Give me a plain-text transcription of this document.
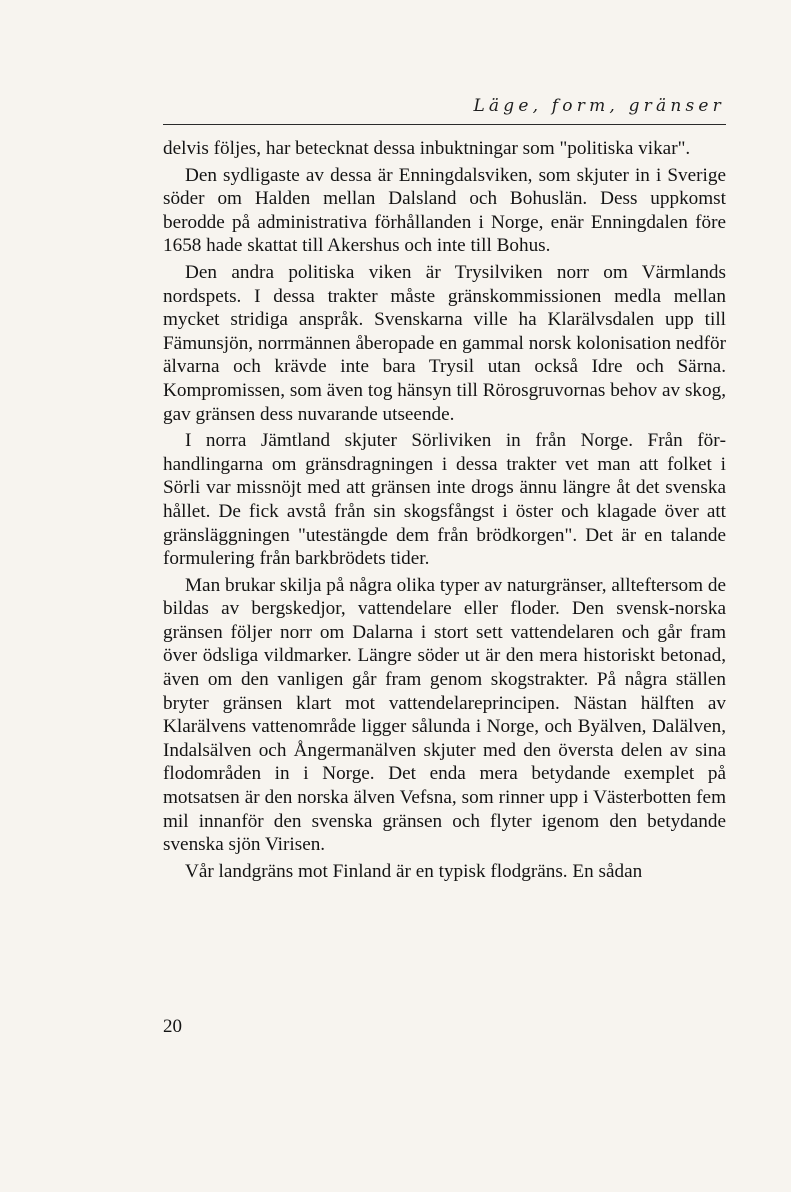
Läge, form, gränser

delvis följes, har betecknat dessa inbuktningar som "politiska vikar".

Den sydligaste av dessa är Enningdalsviken, som skjuter in i Sverige söder om Halden mellan Dalsland och Bohuslän. Dess uppkomst berodde på administrativa förhållanden i Norge, enär Enningdalen före 1658 hade skattat till Akershus och inte till Bohus.

Den andra politiska viken är Trysilviken norr om Värmlands nordspets. I dessa trakter måste gränskommissionen medla mellan mycket stridiga anspråk. Svenskarna ville ha Klarälvsdalen upp till Fämunsjön, norrmännen åberopade en gammal norsk kolonisation nedför älvarna och krävde inte bara Trysil utan också Idre och Särna. Kompromissen, som även tog hänsyn till Rörosgruvornas behov av skog, gav gränsen dess nuvarande utseende.

I norra Jämtland skjuter Sörliviken in från Norge. Från förhandlingarna om gränsdragningen i dessa trakter vet man att folket i Sörli var missnöjt med att gränsen inte drogs ännu längre åt det svenska hållet. De fick avstå från sin skogsfångst i öster och klagade över att gränsläggningen "utestängde dem från brödkorgen". Det är en talande formulering från barkbrödets tider.

Man brukar skilja på några olika typer av naturgränser, allteftersom de bildas av bergskedjor, vattendelare eller floder. Den svensk-norska gränsen följer norr om Dalarna i stort sett vattendelaren och går fram över ödsliga vildmarker. Längre söder ut är den mera historiskt betonad, även om den vanligen går fram genom skogstrakter. På några ställen bryter gränsen klart mot vattendelareprincipen. Nästan hälften av Klarälvens vattenområde ligger sålunda i Norge, och Byälven, Dalälven, Indalsälven och Ångermanälven skjuter med den översta delen av sina flodområden in i Norge. Det enda mera betydande exemplet på motsatsen är den norska älven Vefsna, som rinner upp i Västerbotten fem mil innanför den svenska gränsen och flyter igenom den betydande svenska sjön Virisen.

Vår landgräns mot Finland är en typisk flodgräns. En sådan

20
